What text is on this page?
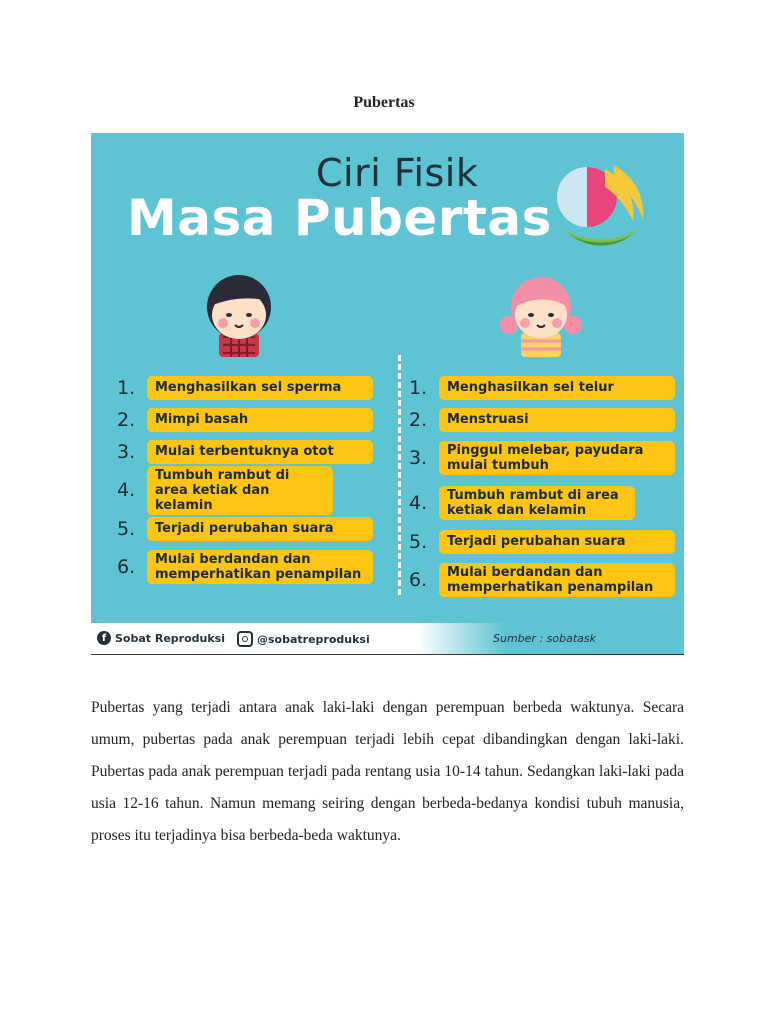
Pubertas
Ciri Fisik
Masa Pubertas
1.	Menghasilkan sel sperma
2.	Mimpi basah
3.	Mulai terbentuknya otot
4.
Tumbuh rambut di area ketiak dan kelamin
5.	Terjadi perubahan suara
6.	Mulai berdandan dan memperhatikan penampilan
1.	Menghasilkan sel telur
2.	Menstruasi
3.	Pinggul melebar, payudara mulai tumbuh
4.	Tumbuh rambut di area ketiak dan kelamin
5.	Terjadi perubahan suara
6.	Mulai berdandan dan memperhatikan penampilan
f Sobat Reproduksi	@sobatreproduksi	Sumber : sobatask
Pubertas yang terjadi antara anak laki-laki dengan perempuan berbeda waktunya. Secara umum, pubertas pada anak perempuan terjadi lebih cepat dibandingkan dengan laki-laki. Pubertas pada anak perempuan terjadi pada rentang usia 10-14 tahun. Sedangkan laki-laki pada usia 12-16 tahun. Namun memang seiring dengan berbeda-bedanya kondisi tubuh manusia, proses itu terjadinya bisa berbeda-beda waktunya.
